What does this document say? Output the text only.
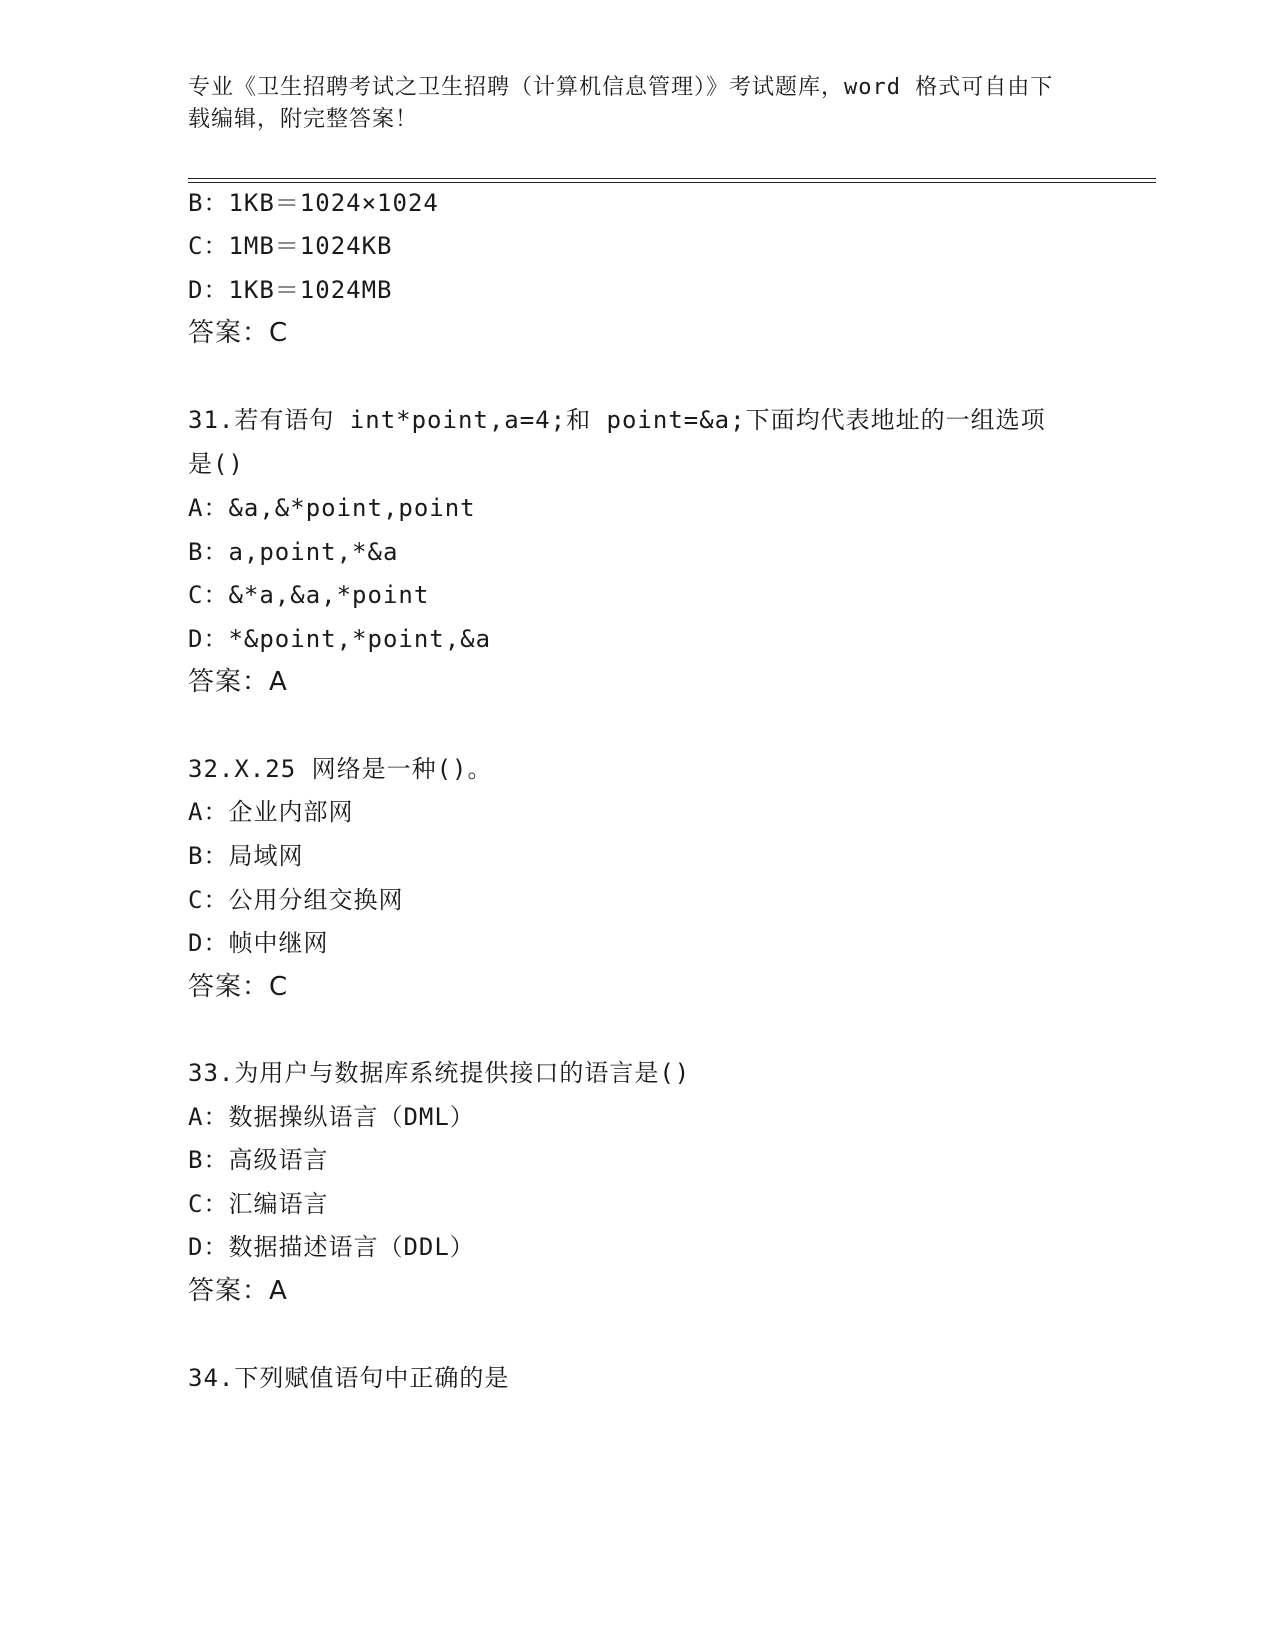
专业《卫生招聘考试之卫生招聘（计算机信息管理）》考试题库，word 格式可自由下载编辑，附完整答案！
B：1KB＝1024×1024
C：1MB＝1024KB
D：1KB＝1024MB
答案：C
31.若有语句 int*point,a=4;和 point=&a;下面均代表地址的一组选项是()
A：&a,&*point,point
B：a,point,*&a
C：&*a,&a,*point
D：*&point,*point,&a
答案：A
32.X.25 网络是一种()。
A：企业内部网
B：局域网
C：公用分组交换网
D：帧中继网
答案：C
33.为用户与数据库系统提供接口的语言是()
A：数据操纵语言（DML）
B：高级语言
C：汇编语言
D：数据描述语言（DDL）
答案：A
34.下列赋值语句中正确的是
